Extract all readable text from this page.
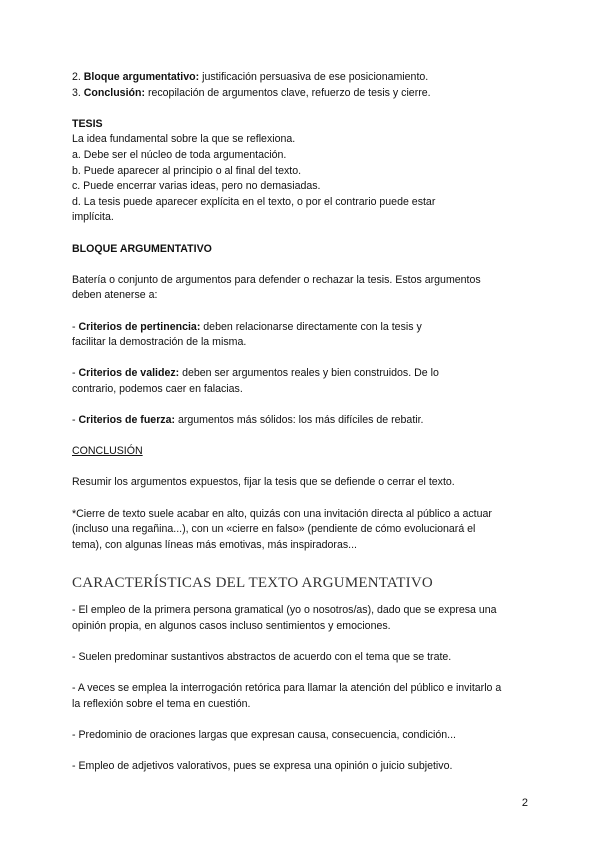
2. Bloque argumentativo: justificación persuasiva de ese posicionamiento.

3. Conclusión: recopilación de argumentos clave, refuerzo de tesis y cierre.

TESIS

La idea fundamental sobre la que se reflexiona.

a. Debe ser el núcleo de toda argumentación.

b. Puede aparecer al principio o al final del texto.

c. Puede encerrar varias ideas, pero no demasiadas.

d. La tesis puede aparecer explícita en el texto, o por el contrario puede estar

implícita.

BLOQUE ARGUMENTATIVO

Batería o conjunto de argumentos para defender o rechazar la tesis. Estos argumentos

deben atenerse a:

- Criterios de pertinencia: deben relacionarse directamente con la tesis y

facilitar la demostración de la misma.

- Criterios de validez: deben ser argumentos reales y bien construidos. De lo

contrario, podemos caer en falacias.

- Criterios de fuerza: argumentos más sólidos: los más difíciles de rebatir.

CONCLUSIÓN

Resumir los argumentos expuestos, fijar la tesis que se defiende o cerrar el texto.

*Cierre de texto suele acabar en alto, quizás con una invitación directa al público a actuar

(incluso una regañina...), con un «cierre en falso» (pendiente de cómo evolucionará el

tema), con algunas líneas más emotivas, más inspiradoras...

CARACTERÍSTICAS DEL TEXTO ARGUMENTATIVO

- El empleo de la primera persona gramatical (yo o nosotros/as), dado que se expresa una

opinión propia, en algunos casos incluso sentimientos y emociones.

- Suelen predominar sustantivos abstractos de acuerdo con el tema que se trate.

- A veces se emplea la interrogación retórica para llamar la atención del público e invitarlo a

la reflexión sobre el tema en cuestión.

- Predominio de oraciones largas que expresan causa, consecuencia, condición...

- Empleo de adjetivos valorativos, pues se expresa una opinión o juicio subjetivo.

2
